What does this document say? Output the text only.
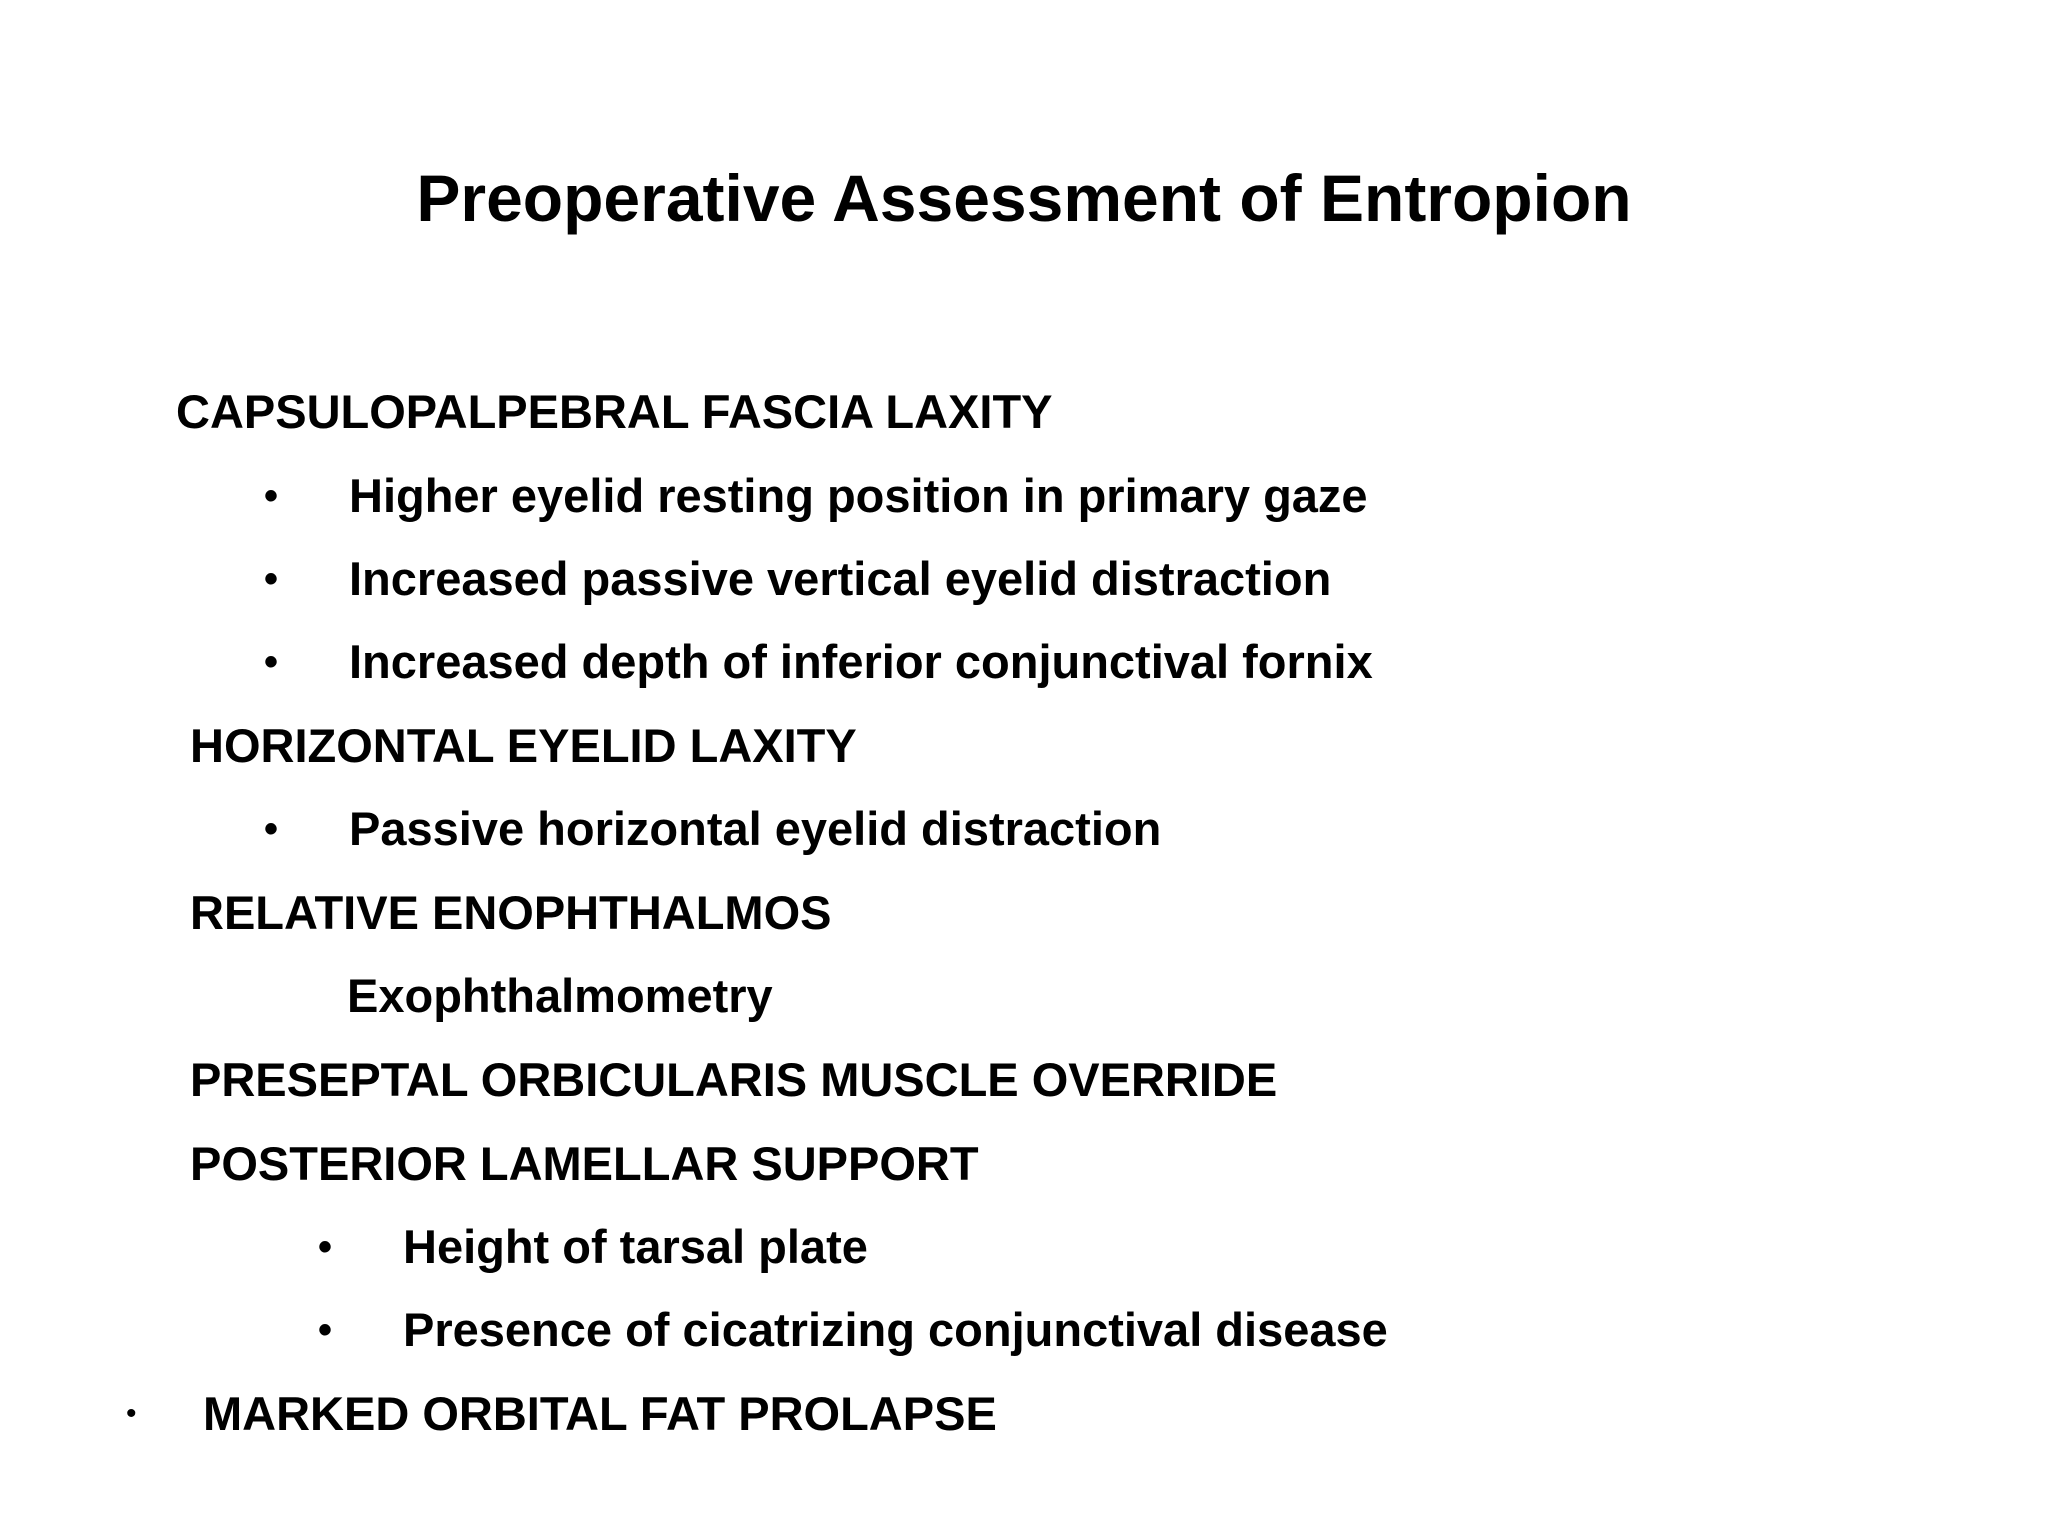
Preoperative Assessment of Entropion
CAPSULOPALPEBRAL FASCIA LAXITY
• Higher eyelid resting position in primary gaze
• Increased passive vertical eyelid distraction
• Increased depth of inferior conjunctival fornix
HORIZONTAL EYELID LAXITY
• Passive horizontal eyelid distraction
RELATIVE ENOPHTHALMOS
Exophthalmometry
PRESEPTAL ORBICULARIS MUSCLE OVERRIDE
POSTERIOR LAMELLAR SUPPORT
• Height of tarsal plate
• Presence of cicatrizing conjunctival disease
• MARKED ORBITAL FAT PROLAPSE
